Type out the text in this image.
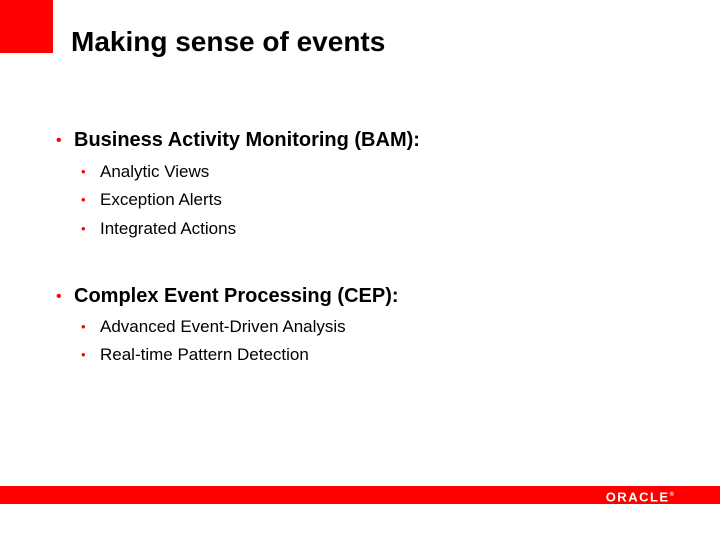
Making sense of events
• Business Activity Monitoring (BAM):
• Analytic Views
• Exception Alerts
• Integrated Actions
• Complex Event Processing (CEP):
• Advanced Event-Driven Analysis
• Real-time Pattern Detection
ORACLE®
